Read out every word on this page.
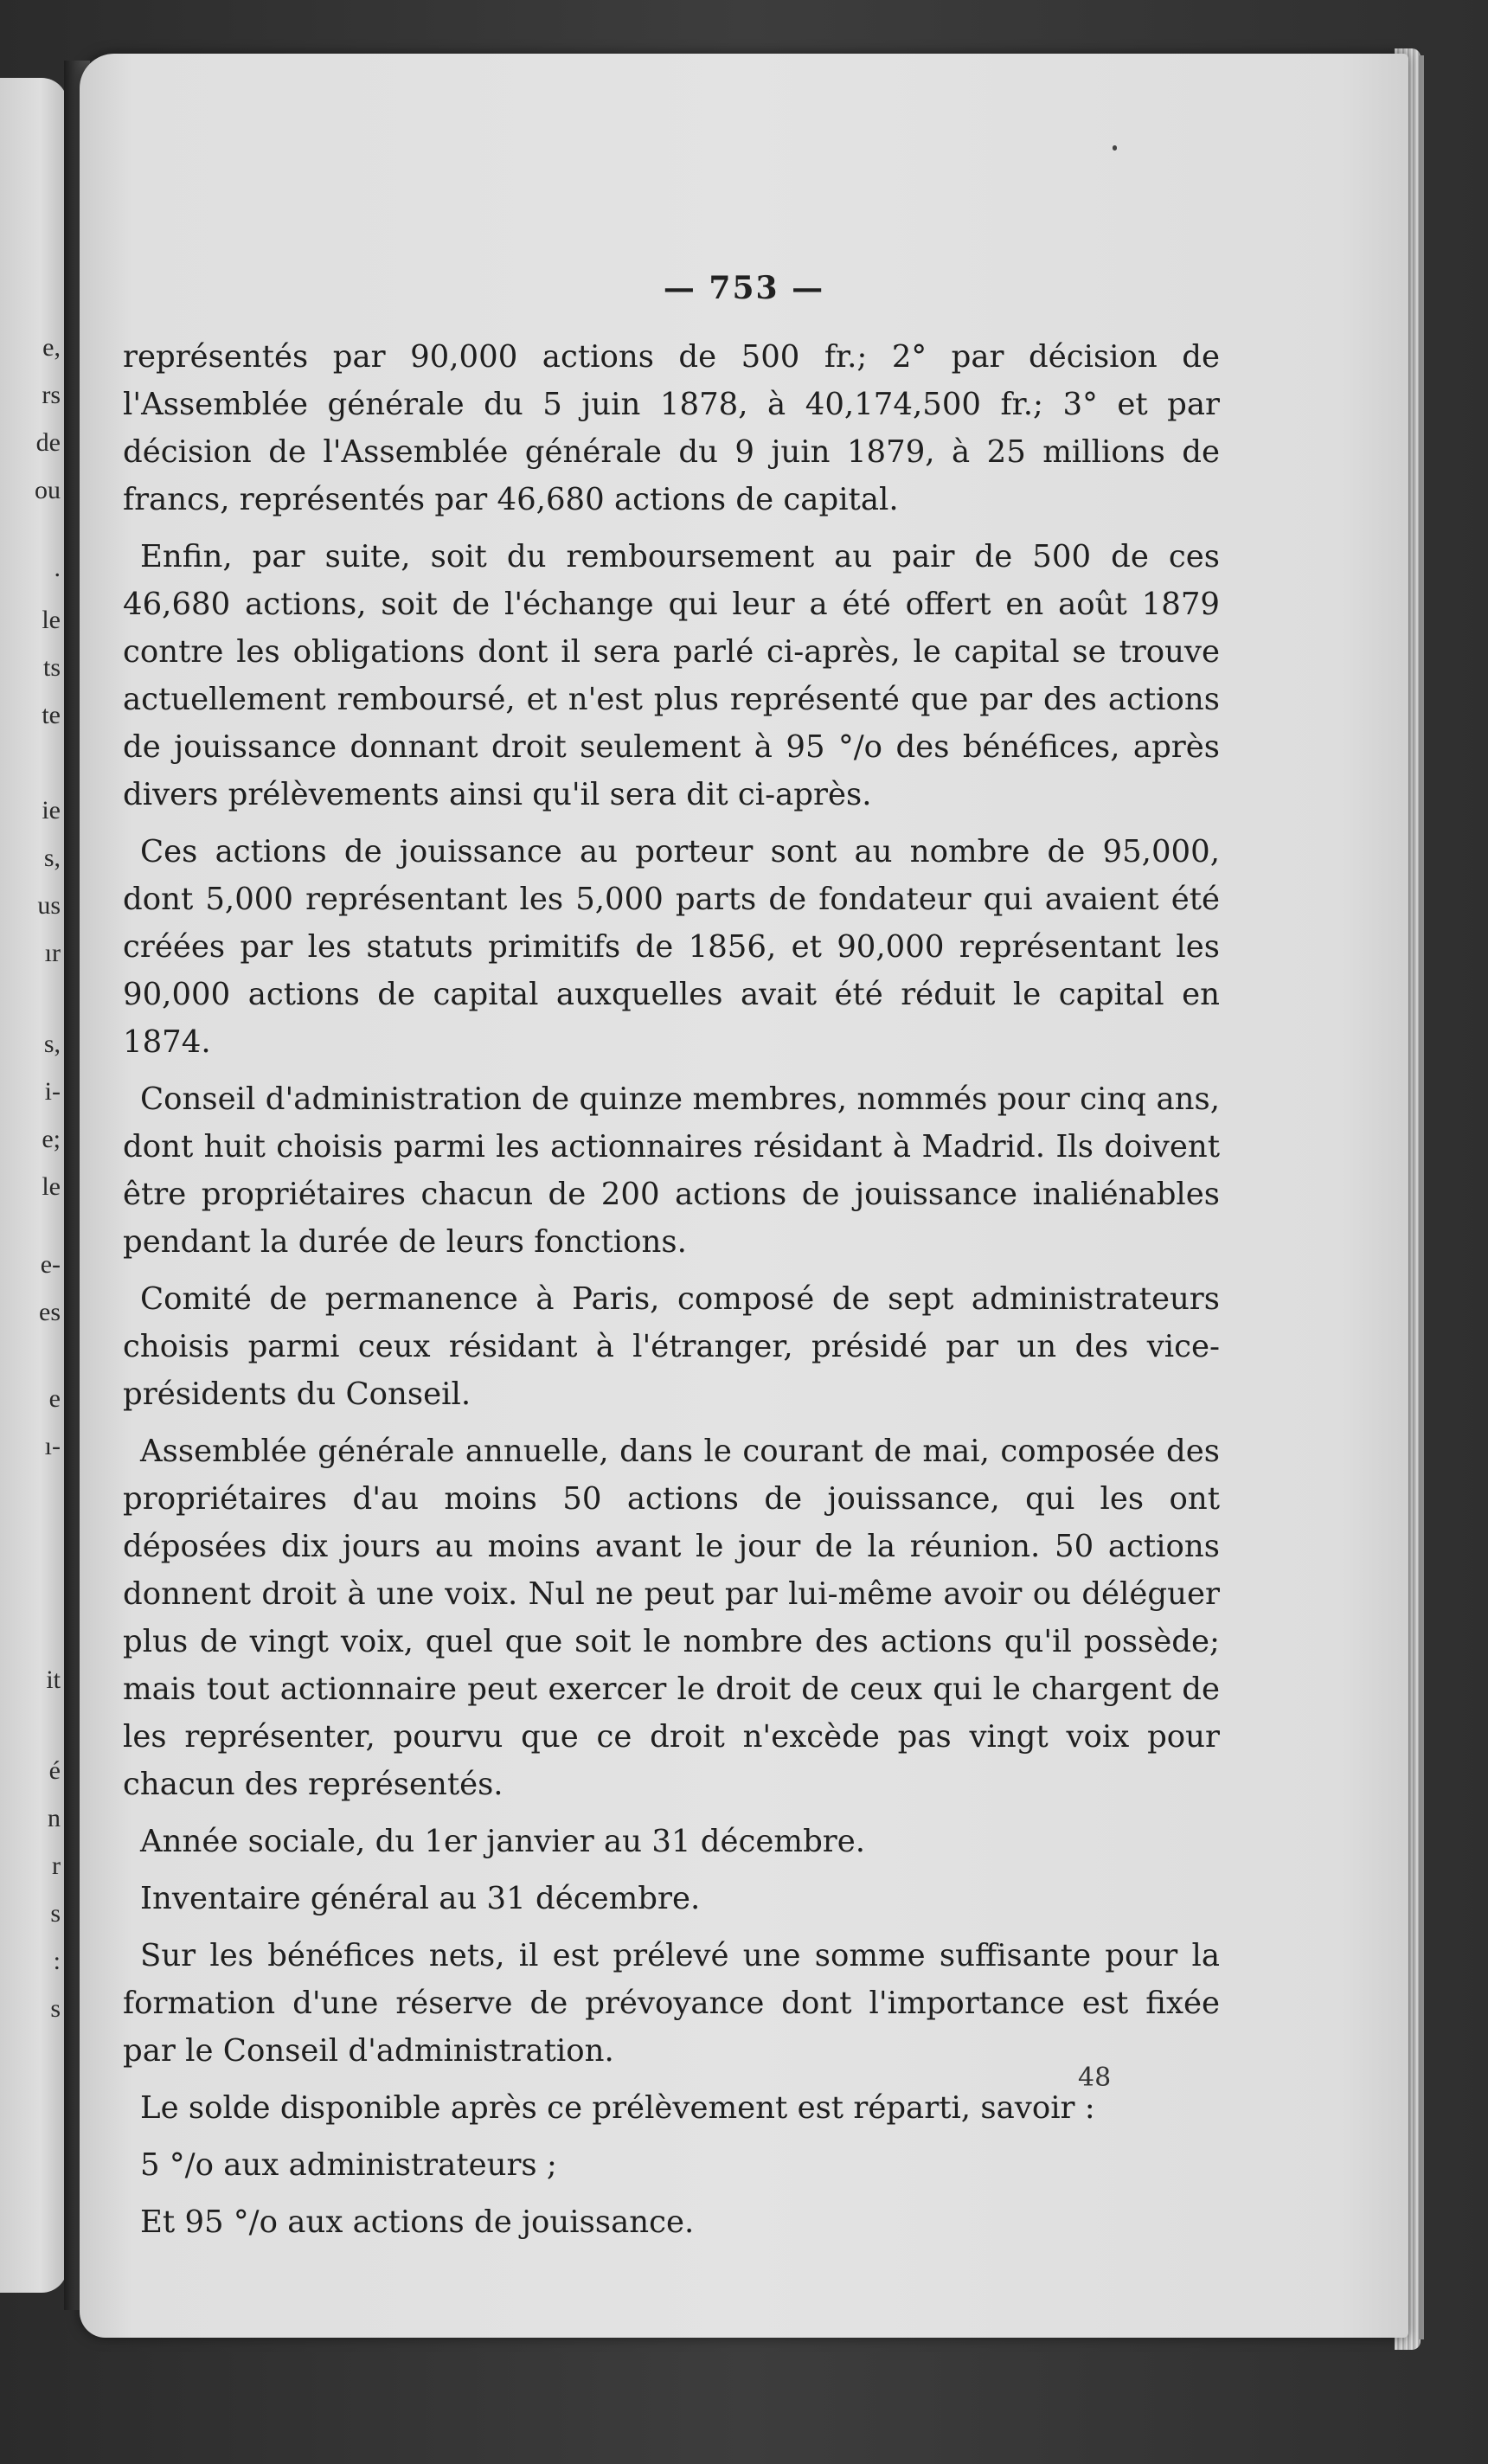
e,
rs
de
ou
.
le
ts
te
ie
s,
us
ır
s,
i-
e;
le
e-
es
e
ı-
it
é
n
r
s
:
s
— 753 —

représentés par 90,000 actions de 500 fr.; 2° par décision de l'Assemblée générale du 5 juin 1878, à 40,174,500 fr.; 3° et par décision de l'Assemblée générale du 9 juin 1879, à 25 millions de francs, représentés par 46,680 actions de capital.

Enfin, par suite, soit du remboursement au pair de 500 de ces 46,680 actions, soit de l'échange qui leur a été offert en août 1879 contre les obligations dont il sera parlé ci-après, le capital se trouve actuellement remboursé, et n'est plus représenté que par des actions de jouissance donnant droit seulement à 95 °/o des bénéfices, après divers prélèvements ainsi qu'il sera dit ci-après.

Ces actions de jouissance au porteur sont au nombre de 95,000, dont 5,000 représentant les 5,000 parts de fondateur qui avaient été créées par les statuts primitifs de 1856, et 90,000 représentant les 90,000 actions de capital auxquelles avait été réduit le capital en 1874.

Conseil d'administration de quinze membres, nommés pour cinq ans, dont huit choisis parmi les actionnaires résidant à Madrid. Ils doivent être propriétaires chacun de 200 actions de jouissance inaliénables pendant la durée de leurs fonctions.

Comité de permanence à Paris, composé de sept administrateurs choisis parmi ceux résidant à l'étranger, présidé par un des vice-présidents du Conseil.

Assemblée générale annuelle, dans le courant de mai, composée des propriétaires d'au moins 50 actions de jouissance, qui les ont déposées dix jours au moins avant le jour de la réunion. 50 actions donnent droit à une voix. Nul ne peut par lui-même avoir ou déléguer plus de vingt voix, quel que soit le nombre des actions qu'il possède; mais tout actionnaire peut exercer le droit de ceux qui le chargent de les représenter, pourvu que ce droit n'excède pas vingt voix pour chacun des représentés.

Année sociale, du 1er janvier au 31 décembre.

Inventaire général au 31 décembre.

Sur les bénéfices nets, il est prélevé une somme suffisante pour la formation d'une réserve de prévoyance dont l'importance est fixée par le Conseil d'administration.

Le solde disponible après ce prélèvement est réparti, savoir :

5 °/o aux administrateurs ;

Et 95 °/o aux actions de jouissance.

48
